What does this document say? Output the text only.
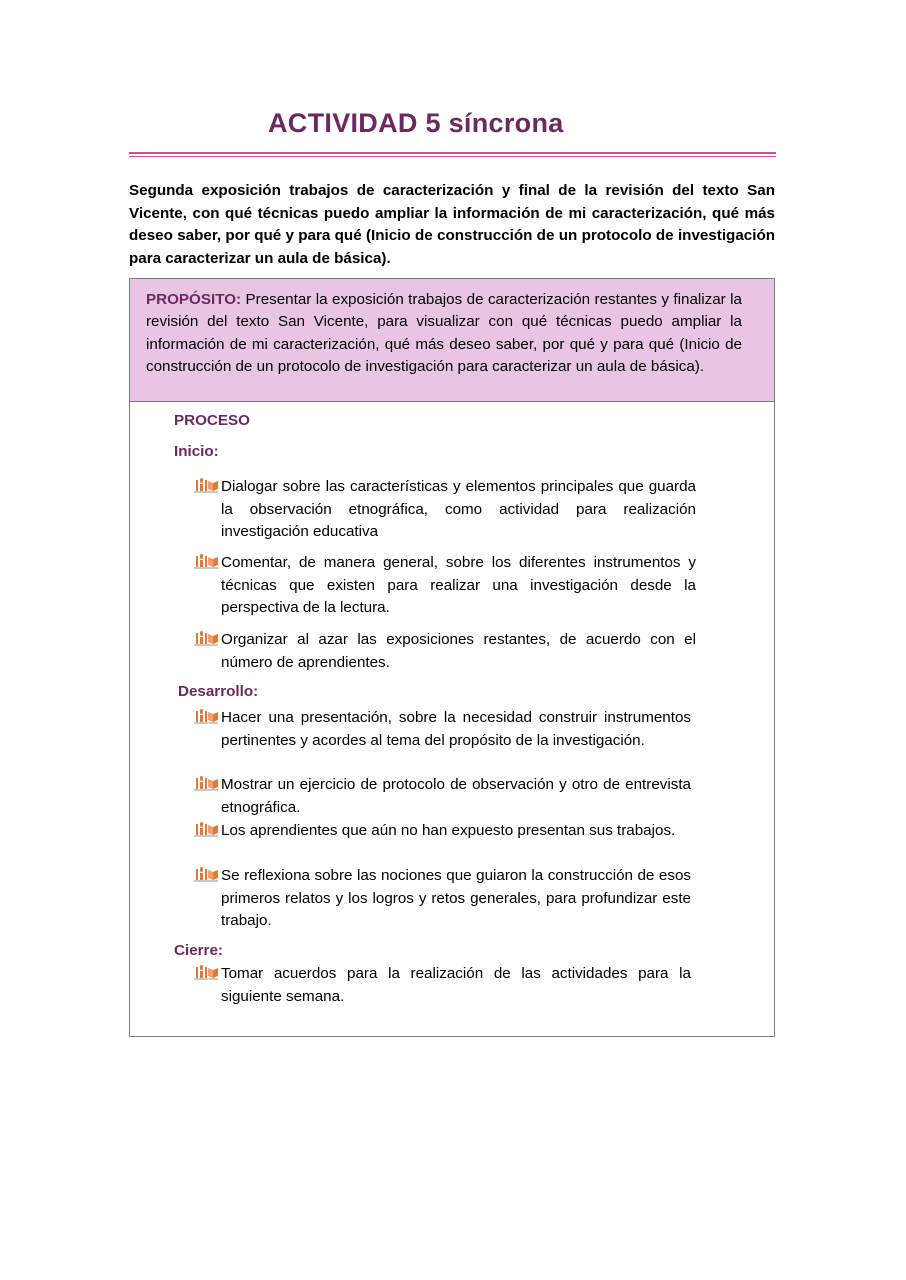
ACTIVIDAD 5 síncrona

Segunda exposición trabajos de caracterización y final de la revisión del texto San Vicente, con qué técnicas puedo ampliar la información de mi caracterización, qué más deseo saber, por qué y para qué (Inicio de construcción de un protocolo de investigación para caracterizar un aula de básica).

PROPÓSITO: Presentar la exposición trabajos de caracterización restantes y finalizar la revisión del texto San Vicente, para visualizar con qué técnicas puedo ampliar la información de mi caracterización, qué más deseo saber, por qué y para qué (Inicio de construcción de un protocolo de investigación para caracterizar un aula de básica).

PROCESO

Inicio:

Dialogar sobre las características y elementos principales que guarda la observación etnográfica, como actividad para realización investigación educativa
Comentar, de manera general, sobre los diferentes instrumentos y técnicas que existen para realizar una investigación desde la perspectiva de la lectura.
Organizar al azar las exposiciones restantes, de acuerdo con el número de aprendientes.

Desarrollo:

Hacer una presentación, sobre la necesidad construir instrumentos pertinentes y acordes al tema del propósito de la investigación.
Mostrar un ejercicio de protocolo de observación y otro de entrevista etnográfica.
Los aprendientes que aún no han expuesto presentan sus trabajos.
Se reflexiona sobre las nociones que guiaron la construcción de esos primeros relatos y los logros y retos generales, para profundizar este trabajo.

Cierre:

Tomar acuerdos para la realización de las actividades para la siguiente semana.
